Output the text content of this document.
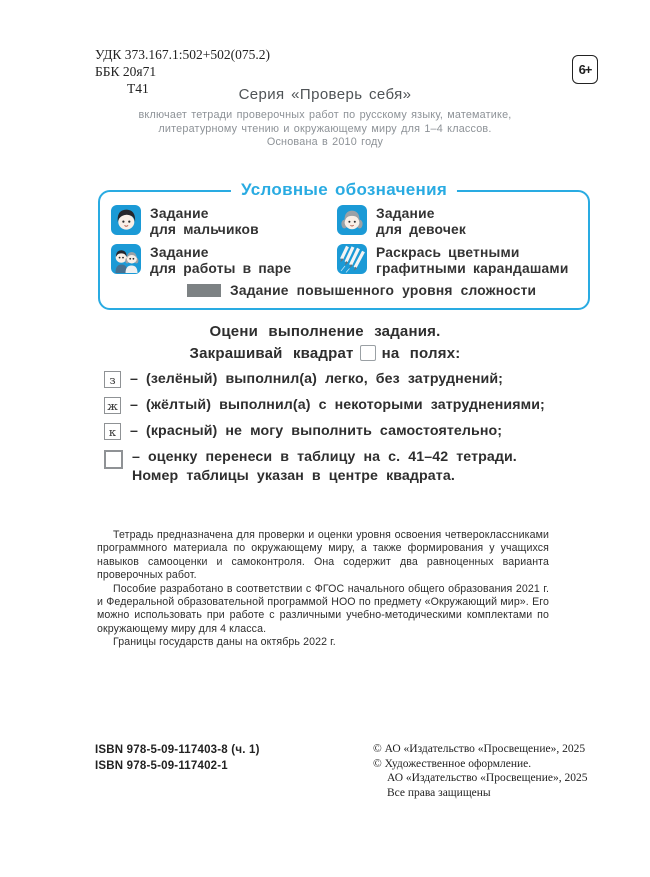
УДК 373.167.1:502+502(075.2)
ББК 20я71
Т41
6+
Серия «Проверь себя»
включает тетради проверочных работ по русскому языку, математике,
литературному чтению и окружающему миру для 1–4 классов.
Основана в 2010 году
Условные обозначения
Задание
для мальчиков
Задание
для девочек
Задание
для работы в паре
Раскрась цветными
графитными карандашами
Задание повышенного уровня сложности
Оцени выполнение задания.
Закрашивай квадрат на полях:
з	– (зелёный) выполнил(а) легко, без затруднений;
ж – (жёлтый) выполнил(а) с некоторыми затруднениями;
к – (красный) не могу выполнить самостоятельно;
– оценку перенеси в таблицу на с. 41–42 тетради.
Номер таблицы указан в центре квадрата.

Тетрадь предназначена для проверки и оценки уровня освоения четвероклассниками программного материала по окружающему миру, а также формирования у учащихся навыков самооценки и самоконтроля. Она содержит два равноценных варианта проверочных работ.

Пособие разработано в соответствии с ФГОС начального общего образования 2021 г. и Федеральной образовательной программой НОО по предмету «Окружающий мир». Его можно использовать при работе с различными учебно-методическими комплектами по окружающему миру для 4 класса.

Границы государств даны на октябрь 2022 г.

ISBN 978-5-09-117403-8 (ч. 1)
ISBN 978-5-09-117402-1
© АО «Издательство «Просвещение», 2025
© Художественное оформление.
АО «Издательство «Просвещение», 2025
Все права защищены
